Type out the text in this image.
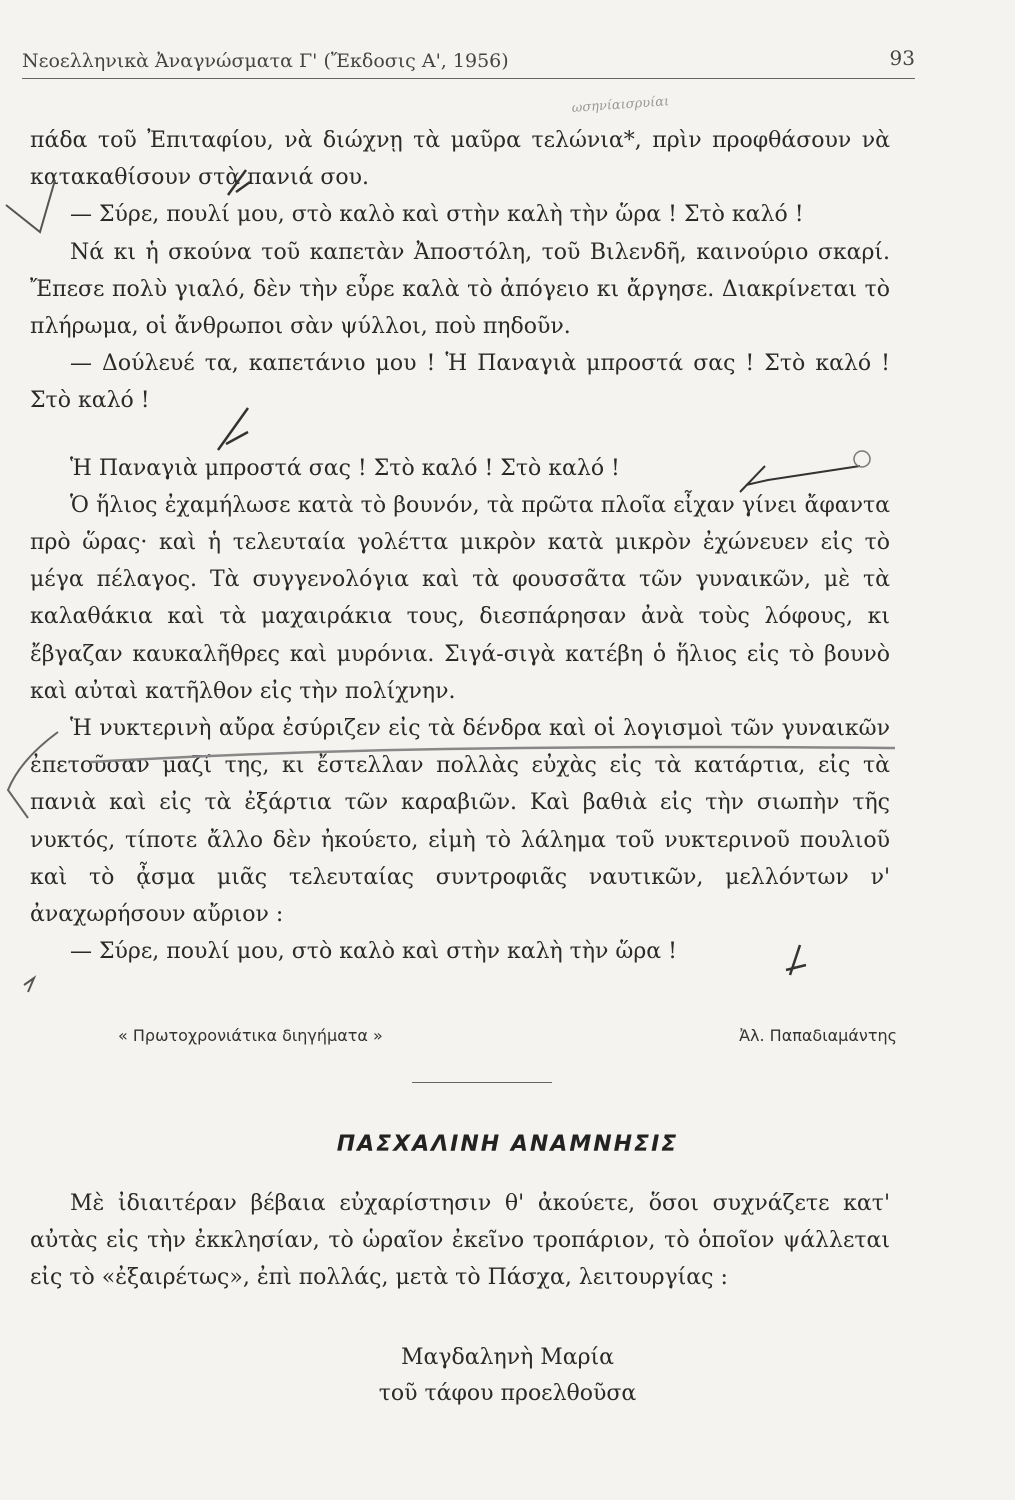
Νεοελληνικὰ Ἀναγνώσματα Γ' (Ἔκδοσις Α', 1956)	93

πάδα τοῦ Ἐπιταφίου, νὰ διώχνῃ τὰ μαῦρα τελώνια*, πρὶν προφθάσουν νὰ κατακαθίσουν στὰ πανιά σου.

— Σύρε, πουλί μου, στὸ καλὸ καὶ στὴν καλὴ τὴν ὥρα ! Στὸ καλό !

Νά κι ἡ σκούνα τοῦ καπετὰν Ἀποστόλη, τοῦ Βιλενδῆ, καινούριο σκαρί. Ἔπεσε πολὺ γιαλό, δὲν τὴν εὖρε καλὰ τὸ ἀπόγειο κι ἄργησε. Διακρίνεται τὸ πλήρωμα, οἱ ἄνθρωποι σὰν ψύλλοι, ποὺ πηδοῦν.

— Δούλευέ τα, καπετάνιο μου ! Ἡ Παναγιὰ μπροστά σας ! Στὸ καλό ! Στὸ καλό !

Ἡ Παναγιὰ μπροστά σας ! Στὸ καλό ! Στὸ καλό !

Ὁ ἥλιος ἐχαμήλωσε κατὰ τὸ βουνόν, τὰ πρῶτα πλοῖα εἶχαν γίνει ἄφαντα πρὸ ὥρας· καὶ ἡ τελευταία γολέττα μικρὸν κατὰ μικρὸν ἐχώνευεν εἰς τὸ μέγα πέλαγος. Τὰ συγγενολόγια καὶ τὰ φουσσᾶτα τῶν γυναικῶν, μὲ τὰ καλαθάκια καὶ τὰ μαχαιράκια τους, διεσπάρησαν ἀνὰ τοὺς λόφους, κι ἔβγαζαν καυκαλῆθρες καὶ μυρόνια. Σιγά-σιγὰ κατέβη ὁ ἥλιος εἰς τὸ βουνὸ καὶ αὐταὶ κατῆλθον εἰς τὴν πολίχνην.

Ἡ νυκτερινὴ αὔρα ἐσύριζεν εἰς τὰ δένδρα καὶ οἱ λογισμοὶ τῶν γυναικῶν ἐπετοῦσαν μαζί της, κι ἔστελλαν πολλὰς εὐχὰς εἰς τὰ κατάρτια, εἰς τὰ πανιὰ καὶ εἰς τὰ ἐξάρτια τῶν καραβιῶν. Καὶ βαθιὰ εἰς τὴν σιωπὴν τῆς νυκτός, τίποτε ἄλλο δὲν ἠκούετο, εἰμὴ τὸ λάλημα τοῦ νυκτερινοῦ πουλιοῦ καὶ τὸ ᾆσμα μιᾶς τελευταίας συντροφιᾶς ναυτικῶν, μελλόντων ν' ἀναχωρήσουν αὔριον :

— Σύρε, πουλί μου, στὸ καλὸ καὶ στὴν καλὴ τὴν ὥρα !

« Πρωτοχρονιάτικα διηγήματα »	Ἀλ. Παπαδιαμάντης
ΠΑΣΧΑΛΙΝΗ ΑΝΑΜΝΗΣΙΣ

Μὲ ἰδιαιτέραν βέβαια εὐχαρίστησιν θ' ἀκούετε, ὅσοι συχνάζετε κατ' αὐτὰς εἰς τὴν ἐκκλησίαν, τὸ ὡραῖον ἐκεῖνο τροπάριον, τὸ ὁποῖον ψάλλεται εἰς τὸ «ἐξαιρέτως», ἐπὶ πολλάς, μετὰ τὸ Πάσχα, λειτουργίας :

Μαγδαληνὴ Μαρία
τοῦ τάφου προελθοῦσα
ωσηνίαισρυίαι
